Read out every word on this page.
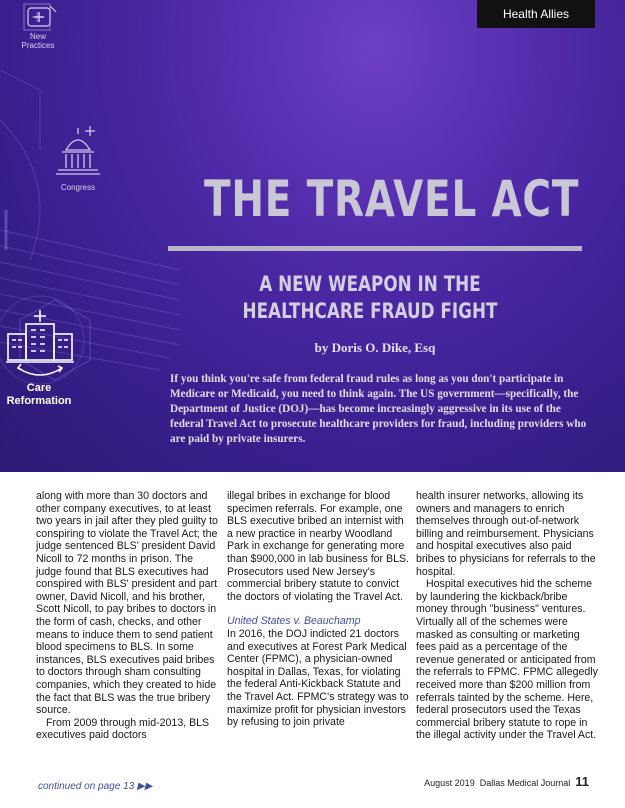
Health Allies
New
Practices
Congress
Care
Reformation
THE TRAVEL ACT
A NEW WEAPON IN THE
HEALTHCARE FRAUD FIGHT
by Doris O. Dike, Esq
If you think you're safe from federal fraud rules as long as you don't participate in Medicare or Medicaid, you need to think again. The US government—specifically, the Department of Justice (DOJ)—has become increasingly aggressive in its use of the federal Travel Act to prosecute healthcare providers for fraud, including providers who are paid by private insurers.

along with more than 30 doctors and other company executives, to at least two years in jail after they pled guilty to conspiring to violate the Travel Act; the judge sentenced BLS' president David Nicoll to 72 months in prison. The judge found that BLS executives had conspired with BLS' president and part owner, David Nicoll, and his brother, Scott Nicoll, to pay bribes to doctors in the form of cash, checks, and other means to induce them to send patient blood specimens to BLS. In some instances, BLS executives paid bribes to doctors through sham consulting companies, which they created to hide the fact that BLS was the true bribery source.

From 2009 through mid-2013, BLS executives paid doctors

illegal bribes in exchange for blood specimen referrals. For example, one BLS executive bribed an internist with a new practice in nearby Woodland Park in exchange for generating more than $900,000 in lab business for BLS. Prosecutors used New Jersey's commercial bribery statute to convict the doctors of violating the Travel Act.

United States v. Beauchamp

In 2016, the DOJ indicted 21 doctors and executives at Forest Park Medical Center (FPMC), a physician-owned hospital in Dallas, Texas, for violating the federal Anti-Kickback Statute and the Travel Act. FPMC's strategy was to maximize profit for physician investors by refusing to join private

health insurer networks, allowing its owners and managers to enrich themselves through out-of-network billing and reimbursement. Physicians and hospital executives also paid bribes to physicians for referrals to the hospital.

Hospital executives hid the scheme by laundering the kickback/bribe money through "business" ventures. Virtually all of the schemes were masked as consulting or marketing fees paid as a percentage of the revenue generated or anticipated from the referrals to FPMC. FPMC allegedly received more than $200 million from referrals tainted by the scheme. Here, federal prosecutors used the Texas commercial bribery statute to rope in the illegal activity under the Travel Act.

continued on page 13 ▶▶	August 2019 Dallas Medical Journal 11
